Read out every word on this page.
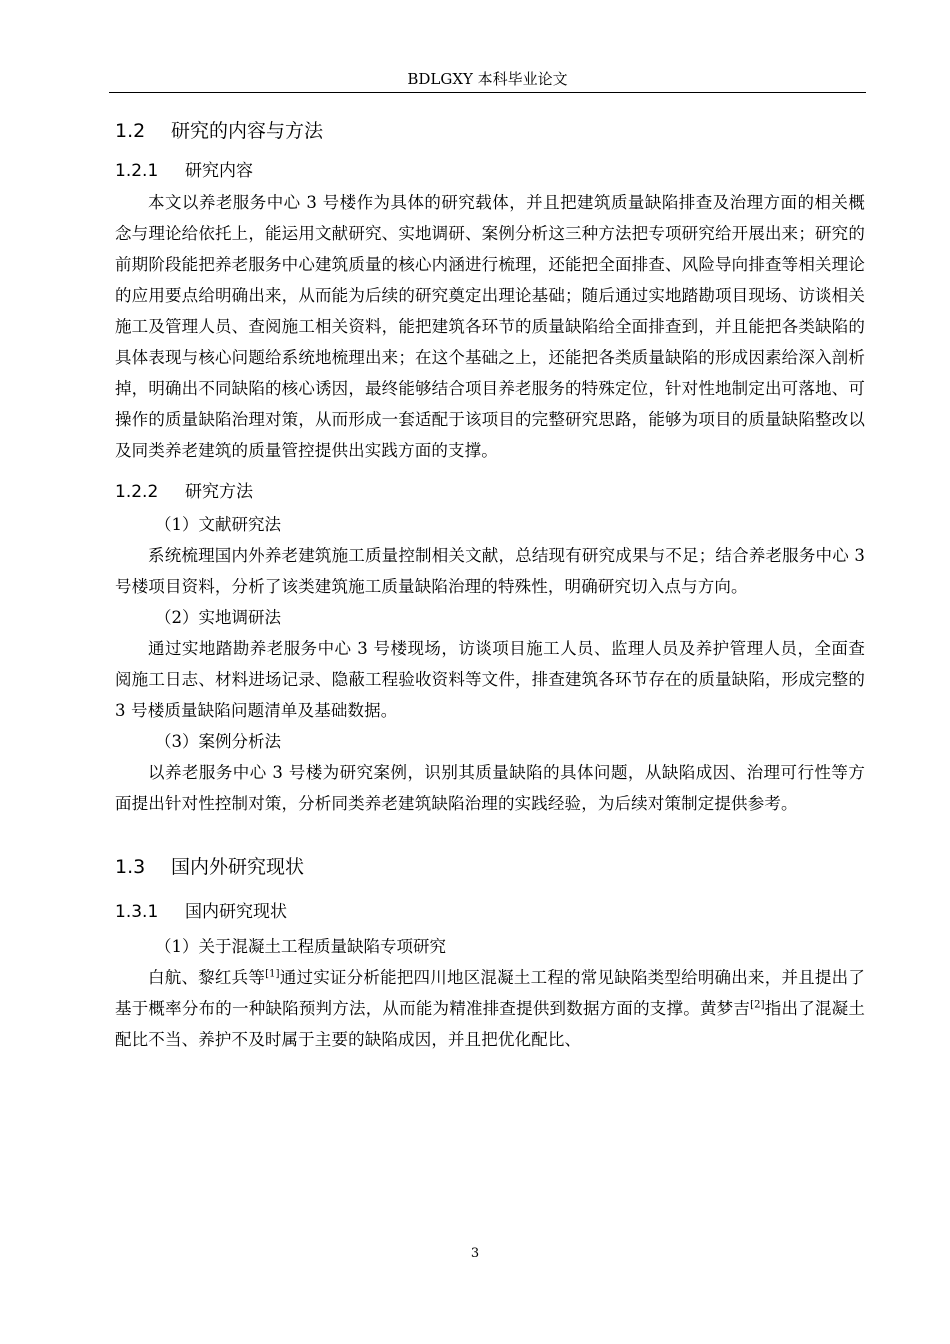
BDLGXY 本科毕业论文
1.2 研究的内容与方法
1.2.1 研究内容

本文以养老服务中心 3 号楼作为具体的研究载体，并且把建筑质量缺陷排查及治理方面的相关概念与理论给依托上，能运用文献研究、实地调研、案例分析这三种方法把专项研究给开展出来；研究的前期阶段能把养老服务中心建筑质量的核心内涵进行梳理，还能把全面排查、风险导向排查等相关理论的应用要点给明确出来，从而能为后续的研究奠定出理论基础；随后通过实地踏勘项目现场、访谈相关施工及管理人员、查阅施工相关资料，能把建筑各环节的质量缺陷给全面排查到，并且能把各类缺陷的具体表现与核心问题给系统地梳理出来；在这个基础之上，还能把各类质量缺陷的形成因素给深入剖析掉，明确出不同缺陷的核心诱因，最终能够结合项目养老服务的特殊定位，针对性地制定出可落地、可操作的质量缺陷治理对策，从而形成一套适配于该项目的完整研究思路，能够为项目的质量缺陷整改以及同类养老建筑的质量管控提供出实践方面的支撑。

1.2.2 研究方法
（1）文献研究法

系统梳理国内外养老建筑施工质量控制相关文献，总结现有研究成果与不足；结合养老服务中心 3 号楼项目资料，分析了该类建筑施工质量缺陷治理的特殊性，明确研究切入点与方向。

（2）实地调研法

通过实地踏勘养老服务中心 3 号楼现场，访谈项目施工人员、监理人员及养护管理人员，全面查阅施工日志、材料进场记录、隐蔽工程验收资料等文件，排查建筑各环节存在的质量缺陷，形成完整的 3 号楼质量缺陷问题清单及基础数据。

（3）案例分析法

以养老服务中心 3 号楼为研究案例，识别其质量缺陷的具体问题，从缺陷成因、治理可行性等方面提出针对性控制对策，分析同类养老建筑缺陷治理的实践经验，为后续对策制定提供参考。

1.3 国内外研究现状
1.3.1 国内研究现状
（1）关于混凝土工程质量缺陷专项研究

白航、黎红兵等[1]通过实证分析能把四川地区混凝土工程的常见缺陷类型给明确出来，并且提出了基于概率分布的一种缺陷预判方法，从而能为精准排查提供到数据方面的支撑。黄梦吉[2]指出了混凝土配比不当、养护不及时属于主要的缺陷成因，并且把优化配比、

3
